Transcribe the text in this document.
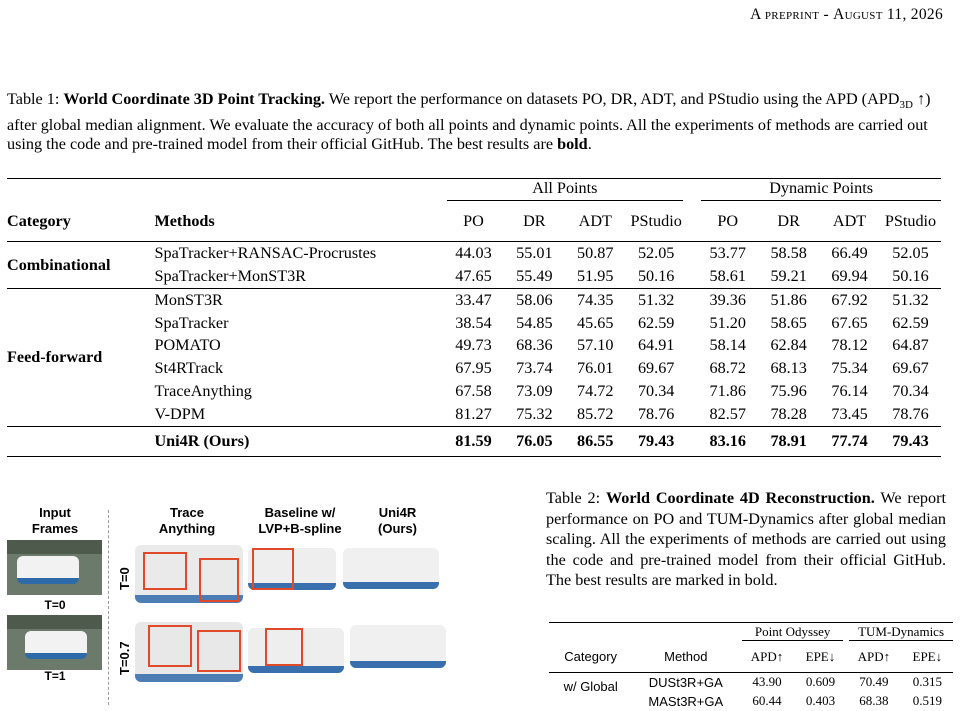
A preprint - August 11, 2026
Table 1: World Coordinate 3D Point Tracking. We report the performance on datasets PO, DR, ADT, and PStudio using the APD ($APD_{3D}$ ↑) after global median alignment. We evaluate the accuracy of both all points and dynamic points. All the experiments of methods are carried out using the code and pre-trained model from their official GitHub. The best results are bold.

		All Points					Dynamic Points			

Category	Methods	PO	DR	ADT	PStudio		PO	DR	ADT	PStudio
Combinational	SpaTracker+RANSAC-Procrustes	44.03	55.01	50.87	52.05		53.77	58.58	66.49	52.05
	SpaTracker+MonST3R	47.65	55.49	51.95	50.16		58.61	59.21	69.94	50.16
Feed-forward	MonST3R	33.47	58.06	74.35	51.32		39.36	51.86	67.92	51.32
	SpaTracker	38.54	54.85	45.65	62.59		51.20	58.65	67.65	62.59
	POMATO	49.73	68.36	57.10	64.91		58.14	62.84	78.12	64.87
	St4RTrack	67.95	73.74	76.01	69.67		68.72	68.13	75.34	69.67
	TraceAnything	67.58	73.09	74.72	70.34		71.86	75.96	76.14	70.34
	V-DPM	81.27	75.32	85.72	78.76		82.57	78.28	73.45	78.76
	Uni4R (Ours)	81.59	76.05	86.55	79.43		83.16	78.91	77.74	79.43
Input
Frames
Trace
Anything
Baseline w/
LVP+B-spline
Uni4R
(Ours)
T=0
T=1
T=0
T=0.7
Table 2: World Coordinate 4D Reconstruction. We report performance on PO and TUM-Dynamics after global median scaling. All the experiments of methods are carried out using the code and pre-trained model from their official GitHub. The best results are marked in bold.

		Point Odyssey		TUM-Dynamics	

Category	Method	APD↑	EPE↓	APD↑	EPE↓
w/ Global	DUSt3R+GA	43.90	0.609	70.49	0.315
	MASt3R+GA	60.44	0.403	68.38	0.519
